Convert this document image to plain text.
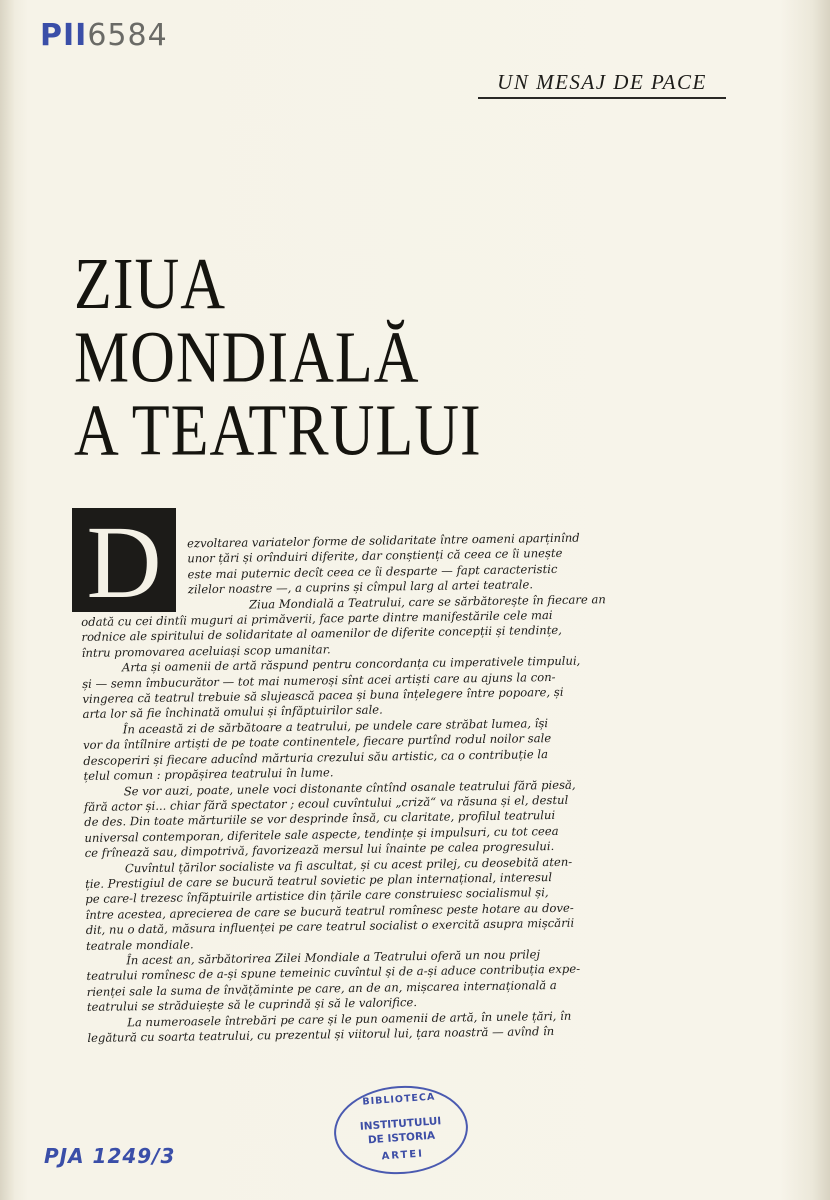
PII6584
UN MESAJ DE PACE
ZIUA
MONDIALĂ
A TEATRULUI
D	ezvoltarea variatelor forme de solidaritate între oameni aparținînd
unor țări și orînduiri diferite, dar conștienți că ceea ce îi unește
este mai puternic decît ceea ce îi desparte — fapt caracteristic
zilelor noastre —, a cuprins și cîmpul larg al artei teatrale.
Ziua Mondială a Teatrului, care se sărbătorește în fiecare an
odată cu cei dintîi muguri ai primăverii, face parte dintre manifestările cele mai
rodnice ale spiritului de solidaritate al oamenilor de diferite concepții și tendințe,
întru promovarea aceluiași scop umanitar.
Arta și oamenii de artă răspund pentru concordanța cu imperativele timpului,
și — semn îmbucurător — tot mai numeroși sînt acei artiști care au ajuns la con-
vingerea că teatrul trebuie să slujească pacea și buna înțelegere între popoare, și
arta lor să fie închinată omului și înfăptuirilor sale.
În această zi de sărbătoare a teatrului, pe undele care străbat lumea, își
vor da întîlnire artiști de pe toate continentele, fiecare purtînd rodul noilor sale
descoperiri și fiecare aducînd mărturia crezului său artistic, ca o contribuție la
țelul comun : propășirea teatrului în lume.
Se vor auzi, poate, unele voci distonante cîntînd osanale teatrului fără piesă,
fără actor și... chiar fără spectator ; ecoul cuvîntului „criză“ va răsuna și el, destul
de des. Din toate mărturiile se vor desprinde însă, cu claritate, profilul teatrului
universal contemporan, diferitele sale aspecte, tendințe și impulsuri, cu tot ceea
ce frînează sau, dimpotrivă, favorizează mersul lui înainte pe calea progresului.
Cuvîntul țărilor socialiste va fi ascultat, și cu acest prilej, cu deosebită aten-
ție. Prestigiul de care se bucură teatrul sovietic pe plan internațional, interesul
pe care-l trezesc înfăptuirile artistice din țările care construiesc socialismul și,
între acestea, aprecierea de care se bucură teatrul romînesc peste hotare au dove-
dit, nu o dată, măsura influenței pe care teatrul socialist o exercită asupra mișcării
teatrale mondiale.
În acest an, sărbătorirea Zilei Mondiale a Teatrului oferă un nou prilej
teatrului romînesc de a-și spune temeinic cuvîntul și de a-și aduce contribuția expe-
rienței sale la suma de învățăminte pe care, an de an, mișcarea internațională a
teatrului se străduiește să le cuprindă și să le valorifice.
La numeroasele întrebări pe care și le pun oamenii de artă, în unele țări, în
legătură cu soarta teatrului, cu prezentul și viitorul lui, țara noastră — avînd în
BIBLIOTECA
INSTITUTULUI
DE ISTORIA
ARTEI
PJA 1249/3
